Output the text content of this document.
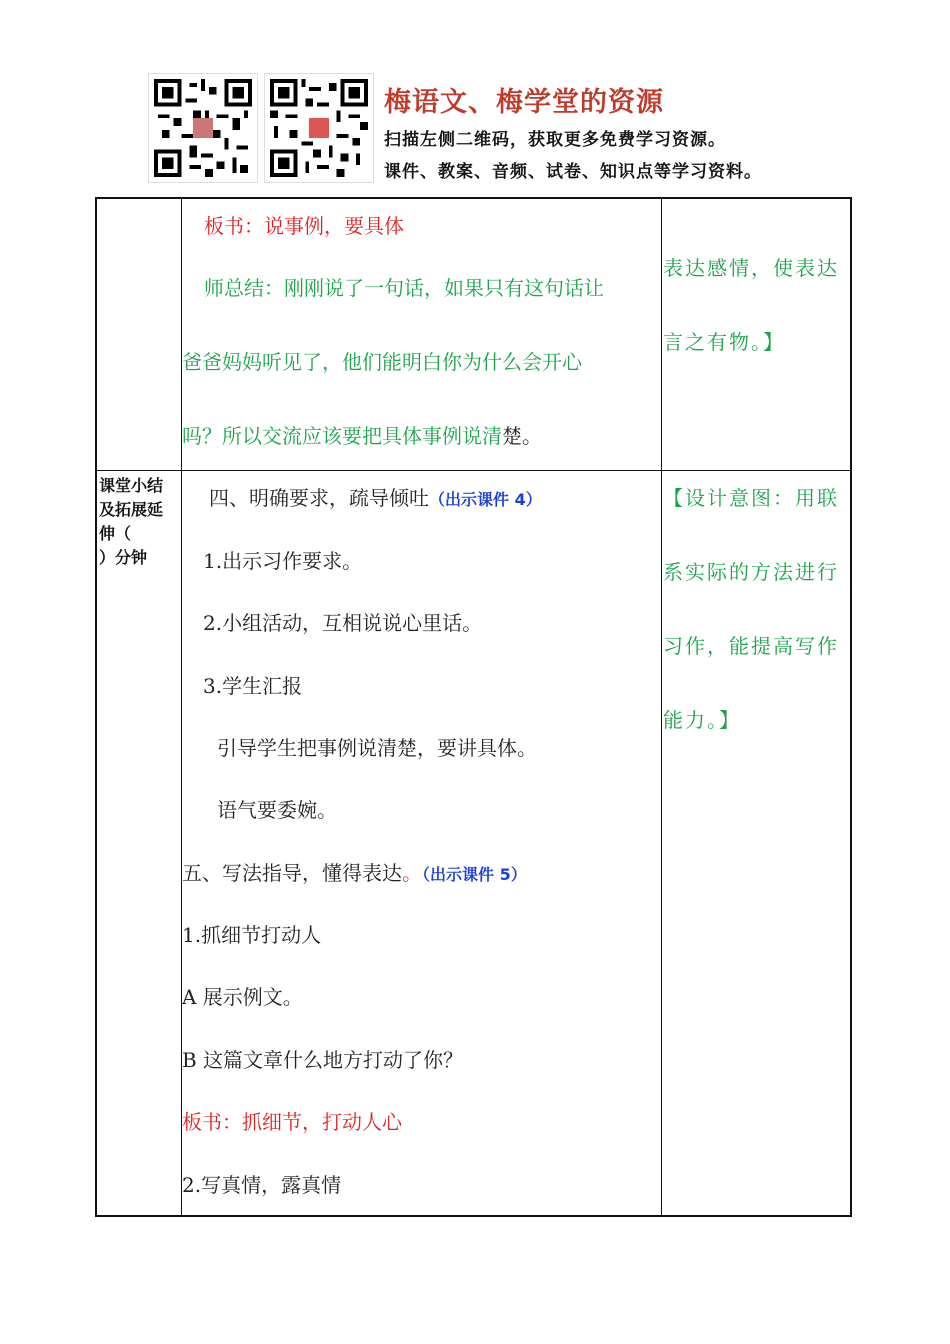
梅语文、梅学堂的资源
扫描左侧二维码，获取更多免费学习资源。
课件、教案、音频、试卷、知识点等学习资料。
板书：说事例，要具体
师总结：刚刚说了一句话，如果只有这句话让
爸爸妈妈听见了，他们能明白你为什么会开心
吗？所以交流应该要把具体事例说清楚。
表达感情，使表达
言之有物。】
课堂小结
及拓展延
伸（
）分钟
四、明确要求，疏导倾吐（出示课件 4）
1.出示习作要求。
2.小组活动，互相说说心里话。
3.学生汇报
引导学生把事例说清楚，要讲具体。
语气要委婉。
五、写法指导，懂得表达。（出示课件 5）
1.抓细节打动人
A 展示例文。
B 这篇文章什么地方打动了你？
板书：抓细节，打动人心
2.写真情，露真情
【设计意图：用联
系实际的方法进行
习作，能提高写作
能力。】
